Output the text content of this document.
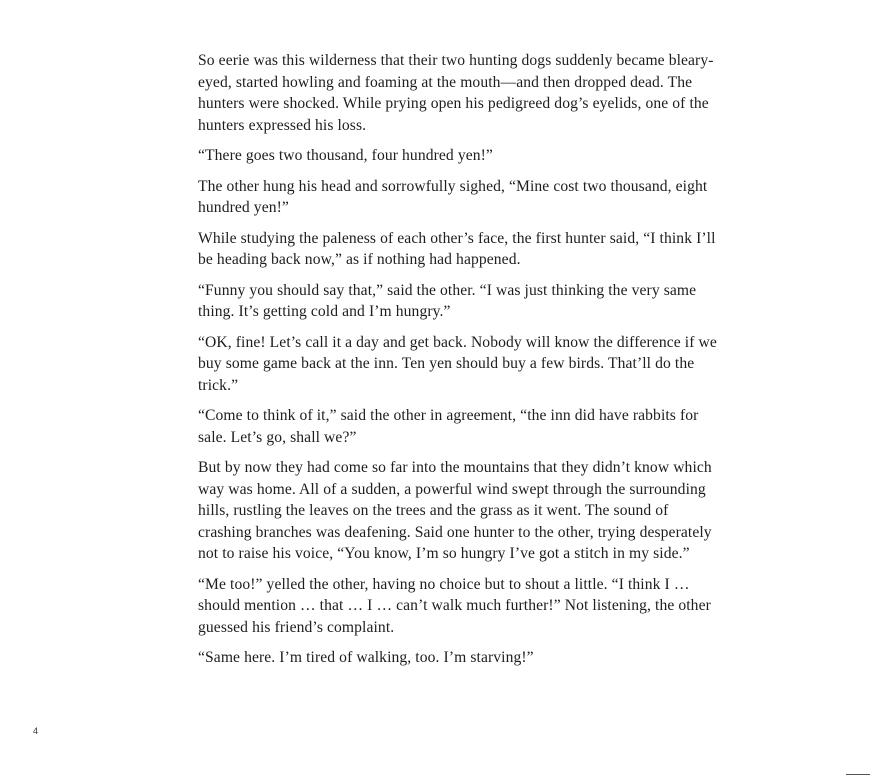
So eerie was this wilderness that their two hunting dogs suddenly became bleary-eyed, started howling and foaming at the mouth—and then dropped dead. The hunters were shocked. While prying open his pedigreed dog’s eyelids, one of the hunters expressed his loss.

“There goes two thousand, four hundred yen!”

The other hung his head and sorrowfully sighed, “Mine cost two thousand, eight hundred yen!”

While studying the paleness of each other’s face, the first hunter said, “I think I’ll be heading back now,” as if nothing had happened.

“Funny you should say that,” said the other. “I was just thinking the very same thing. It’s getting cold and I’m hungry.”

“OK, fine! Let’s call it a day and get back. Nobody will know the difference if we buy some game back at the inn. Ten yen should buy a few birds. That’ll do the trick.”

“Come to think of it,” said the other in agreement, “the inn did have rabbits for sale. Let’s go, shall we?”

But by now they had come so far into the mountains that they didn’t know which way was home. All of a sudden, a powerful wind swept through the surrounding hills, rustling the leaves on the trees and the grass as it went. The sound of crashing branches was deafening. Said one hunter to the other, trying desperately not to raise his voice, “You know, I’m so hungry I’ve got a stitch in my side.”

“Me too!” yelled the other, having no choice but to shout a little. “I think I … should mention … that … I … can’t walk much further!” Not listening, the other guessed his friend’s complaint.

“Same here. I’m tired of walking, too. I’m starving!”

4
